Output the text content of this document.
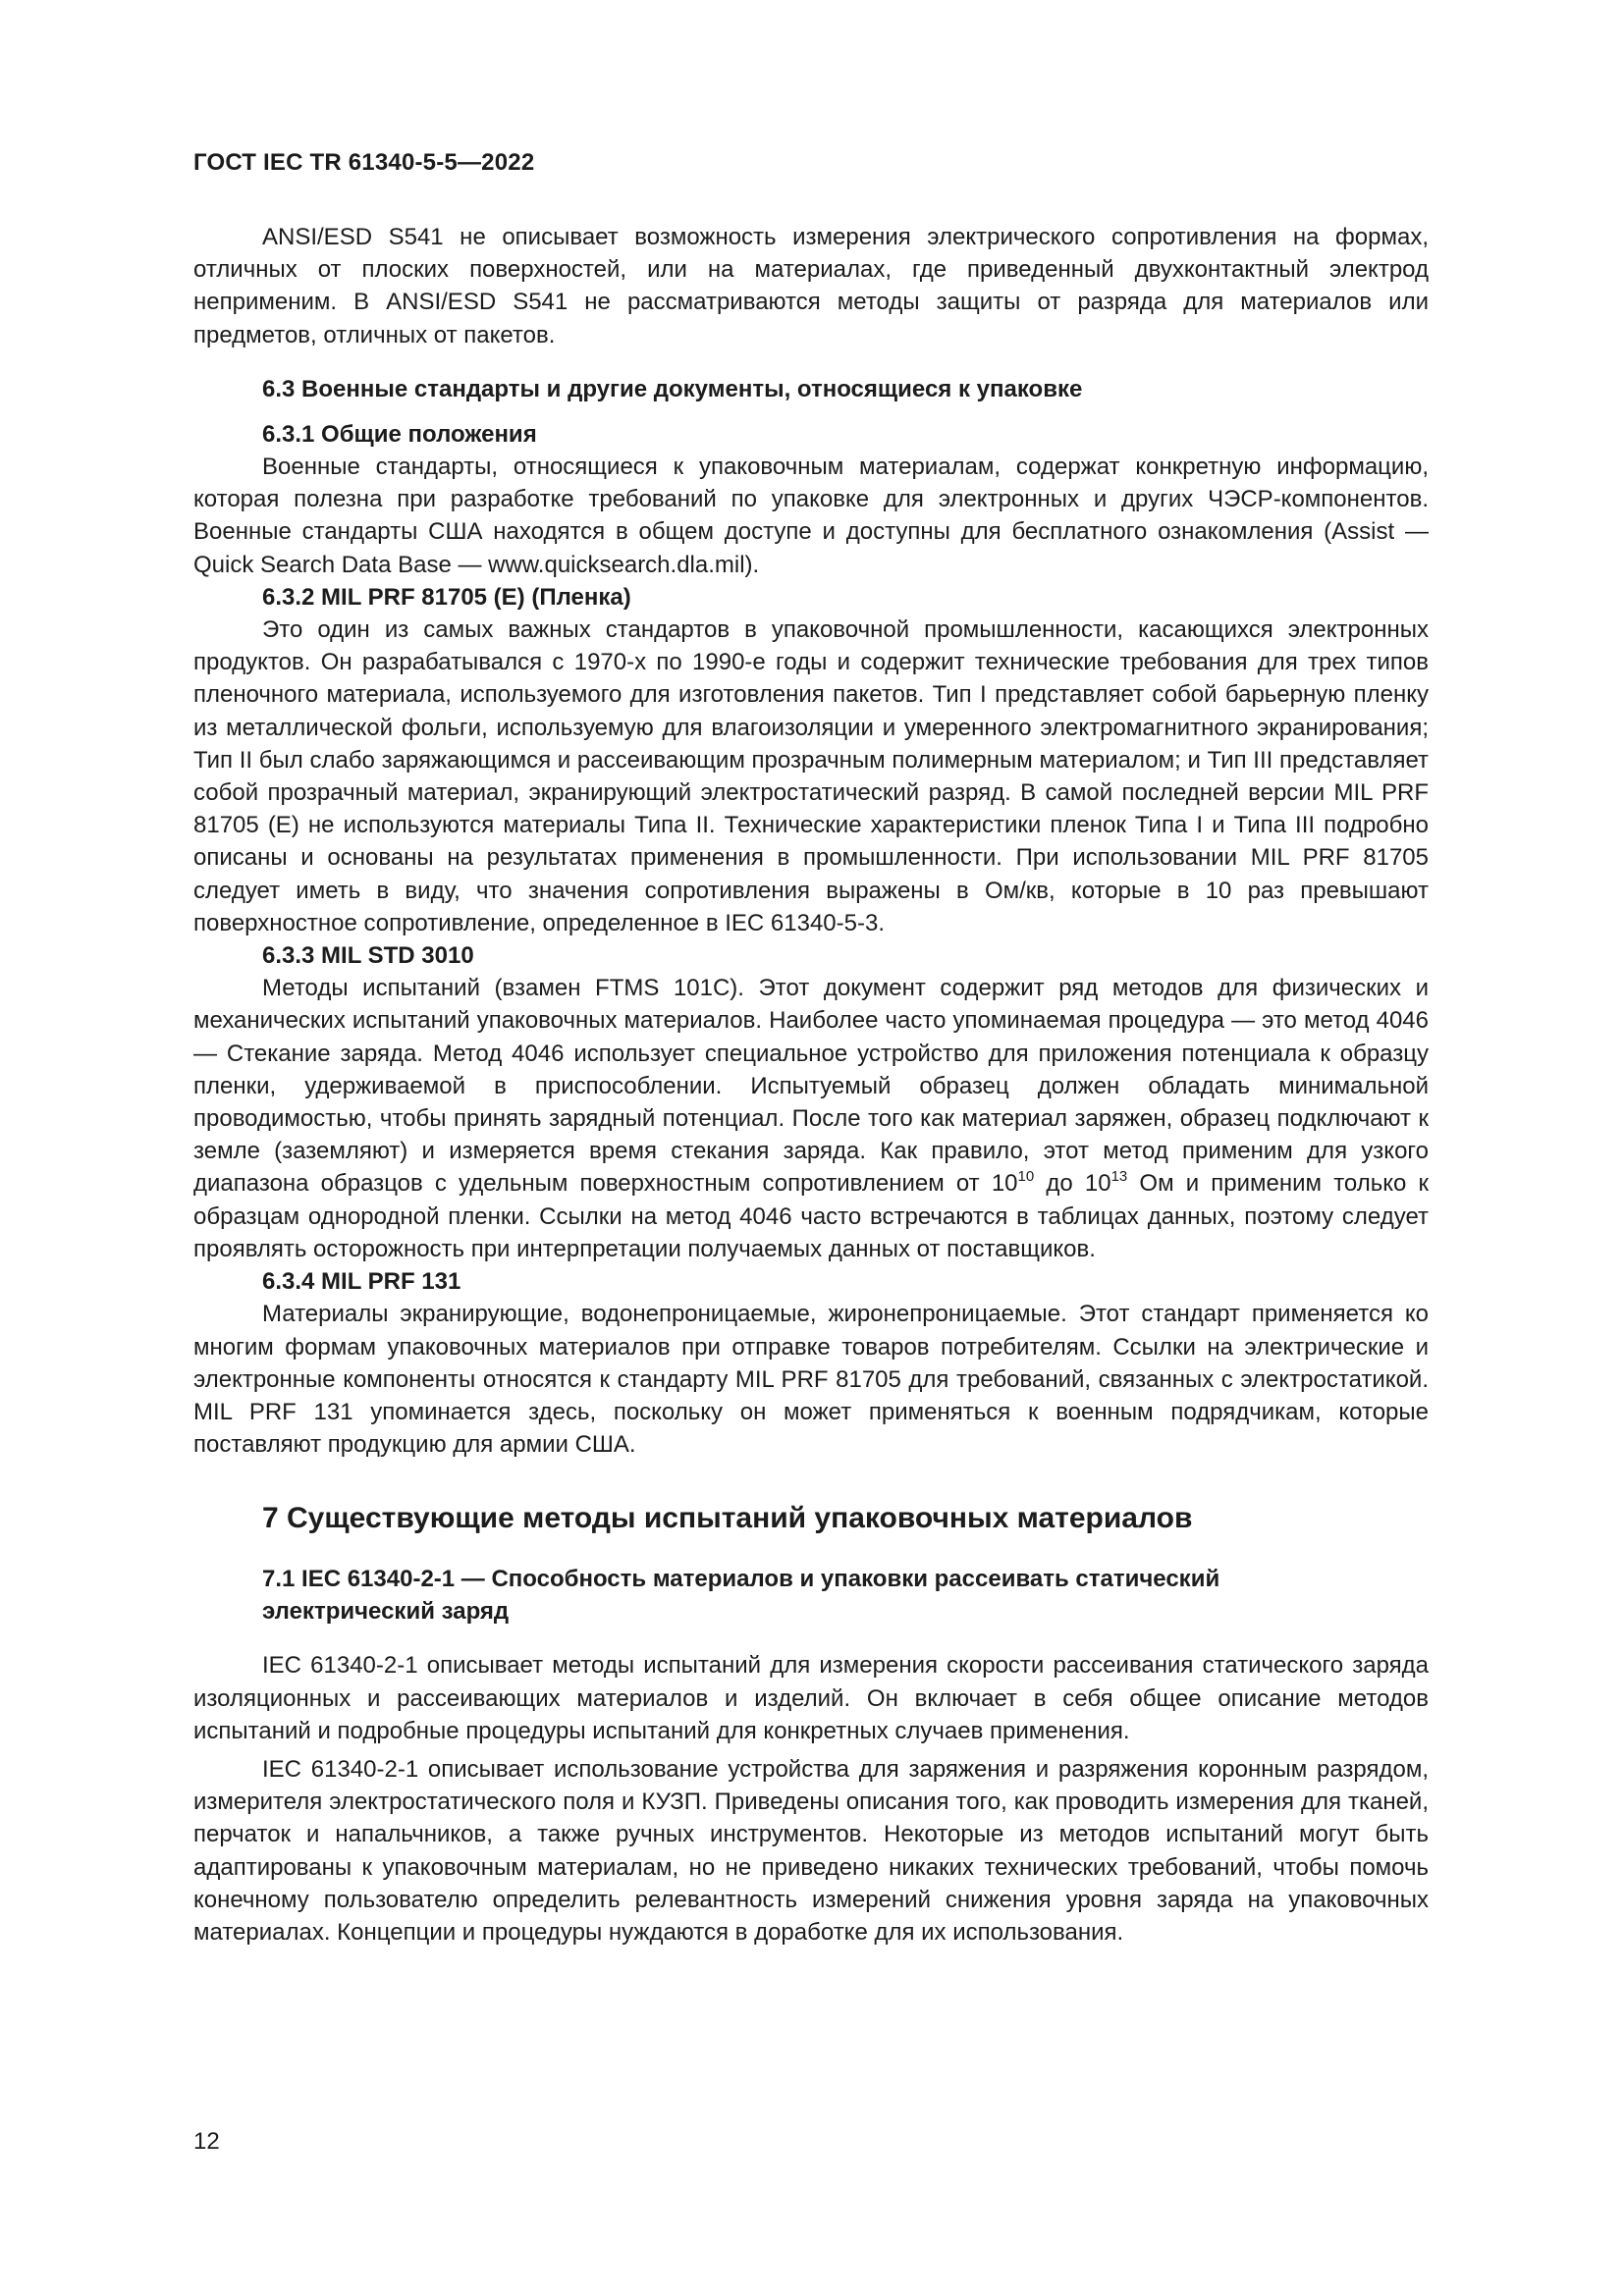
ГОСТ IEC TR 61340-5-5—2022

ANSI/ESD S541 не описывает возможность измерения электрического сопротивления на формах, отличных от плоских поверхностей, или на материалах, где приведенный двухконтактный электрод неприменим. В ANSI/ESD S541 не рассматриваются методы защиты от разряда для материалов или предметов, отличных от пакетов.

6.3 Военные стандарты и другие документы, относящиеся к упаковке

6.3.1 Общие положения

Военные стандарты, относящиеся к упаковочным материалам, содержат конкретную информацию, которая полезна при разработке требований по упаковке для электронных и других ЧЭСР-компонентов. Военные стандарты США находятся в общем доступе и доступны для бесплатного ознакомления (Assist — Quick Search Data Base — www.quicksearch.dla.mil).

6.3.2 MIL PRF 81705 (Е) (Пленка)

Это один из самых важных стандартов в упаковочной промышленности, касающихся электронных продуктов. Он разрабатывался с 1970-х по 1990-е годы и содержит технические требования для трех типов пленочного материала, используемого для изготовления пакетов. Тип I представляет собой барьерную пленку из металлической фольги, используемую для влагоизоляции и умеренного электромагнитного экранирования; Тип II был слабо заряжающимся и рассеивающим прозрачным полимерным материалом; и Тип III представляет собой прозрачный материал, экранирующий электростатический разряд. В самой последней версии MIL PRF 81705 (Е) не используются материалы Типа II. Технические характеристики пленок Типа I и Типа III подробно описаны и основаны на результатах применения в промышленности. При использовании MIL PRF 81705 следует иметь в виду, что значения сопротивления выражены в Ом/кв, которые в 10 раз превышают поверхностное сопротивление, определенное в IEC 61340-5-3.

6.3.3 MIL STD 3010

Методы испытаний (взамен FTMS 101C). Этот документ содержит ряд методов для физических и механических испытаний упаковочных материалов. Наиболее часто упоминаемая процедура — это метод 4046 — Стекание заряда. Метод 4046 использует специальное устройство для приложения потенциала к образцу пленки, удерживаемой в приспособлении. Испытуемый образец должен обладать минимальной проводимостью, чтобы принять зарядный потенциал. После того как материал заряжен, образец подключают к земле (заземляют) и измеряется время стекания заряда. Как правило, этот метод применим для узкого диапазона образцов с удельным поверхностным сопротивлением от $10^{10}$ до $10^{13}$ Ом и применим только к образцам однородной пленки. Ссылки на метод 4046 часто встречаются в таблицах данных, поэтому следует проявлять осторожность при интерпретации получаемых данных от поставщиков.

6.3.4 MIL PRF 131

Материалы экранирующие, водонепроницаемые, жиронепроницаемые. Этот стандарт применяется ко многим формам упаковочных материалов при отправке товаров потребителям. Ссылки на электрические и электронные компоненты относятся к стандарту MIL PRF 81705 для требований, связанных с электростатикой. MIL PRF 131 упоминается здесь, поскольку он может применяться к военным подрядчикам, которые поставляют продукцию для армии США.

7 Существующие методы испытаний упаковочных материалов

7.1 IEC 61340-2-1 — Способность материалов и упаковки рассеивать статический электрический заряд

IEC 61340-2-1 описывает методы испытаний для измерения скорости рассеивания статического заряда изоляционных и рассеивающих материалов и изделий. Он включает в себя общее описание методов испытаний и подробные процедуры испытаний для конкретных случаев применения.

IEC 61340-2-1 описывает использование устройства для заряжения и разряжения коронным разрядом, измерителя электростатического поля и КУЗП. Приведены описания того, как проводить измерения для тканей, перчаток и напальчников, а также ручных инструментов. Некоторые из методов испытаний могут быть адаптированы к упаковочным материалам, но не приведено никаких технических требований, чтобы помочь конечному пользователю определить релевантность измерений снижения уровня заряда на упаковочных материалах. Концепции и процедуры нуждаются в доработке для их использования.

12
